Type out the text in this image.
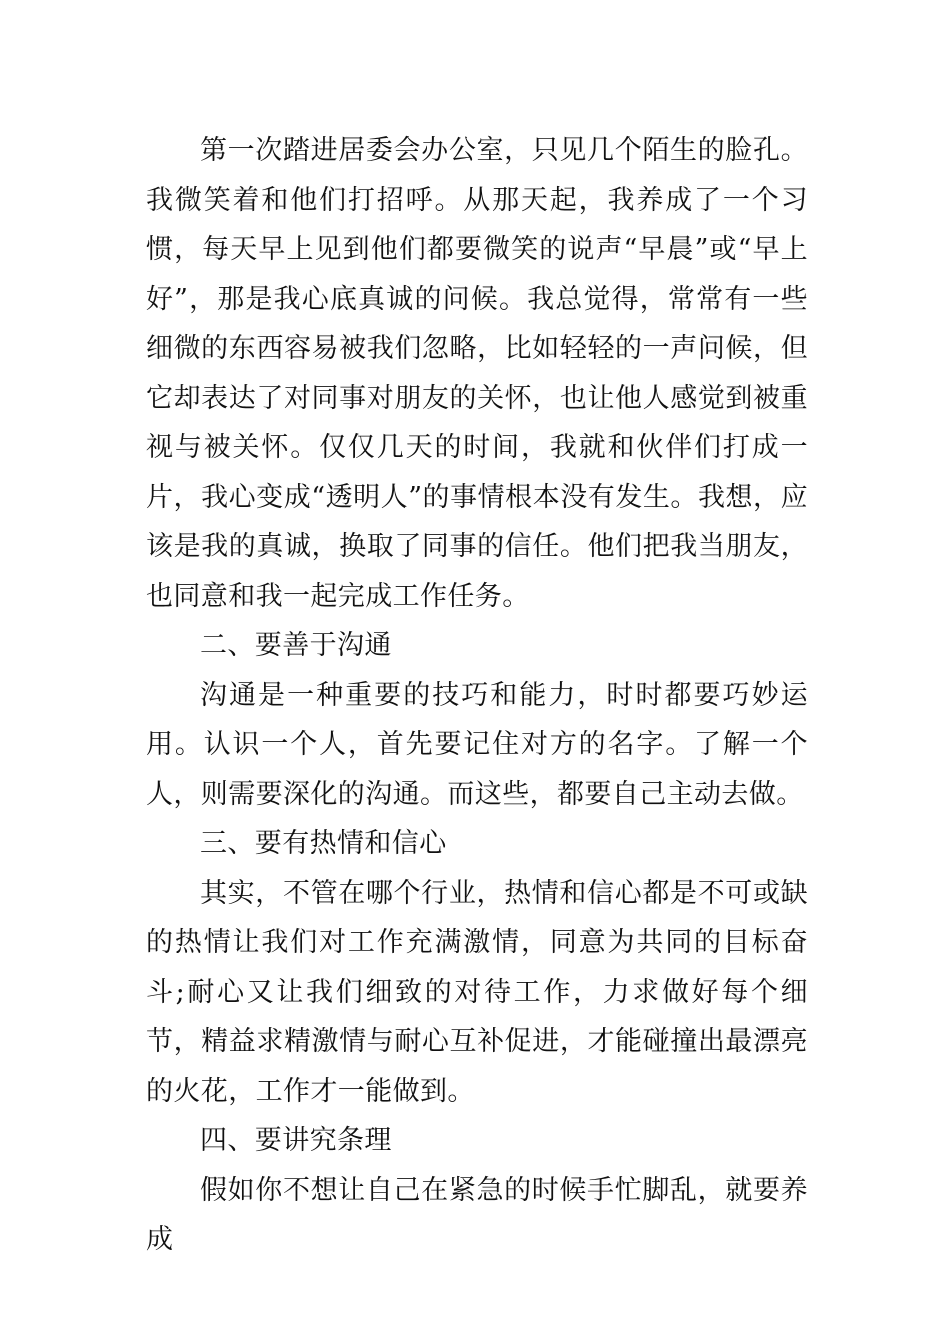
第一次踏进居委会办公室，只见几个陌生的脸孔。我微笑着和他们打招呼。从那天起，我养成了一个习惯，每天早上见到他们都要微笑的说声“早晨”或“早上好”，那是我心底真诚的问候。我总觉得，常常有一些细微的东西容易被我们忽略，比如轻轻的一声问候，但它却表达了对同事对朋友的关怀，也让他人感觉到被重视与被关怀。仅仅几天的时间，我就和伙伴们打成一片，我心变成“透明人”的事情根本没有发生。我想，应该是我的真诚，换取了同事的信任。他们把我当朋友，也同意和我一起完成工作任务。

二、要善于沟通

沟通是一种重要的技巧和能力，时时都要巧妙运用。认识一个人，首先要记住对方的名字。了解一个人，则需要深化的沟通。而这些，都要自己主动去做。

三、要有热情和信心

其实，不管在哪个行业，热情和信心都是不可或缺的热情让我们对工作充满激情，同意为共同的目标奋斗;耐心又让我们细致的对待工作，力求做好每个细节，精益求精激情与耐心互补促进，才能碰撞出最漂亮的火花，工作才一能做到。

四、要讲究条理

假如你不想让自己在紧急的时候手忙脚乱，就要养成
